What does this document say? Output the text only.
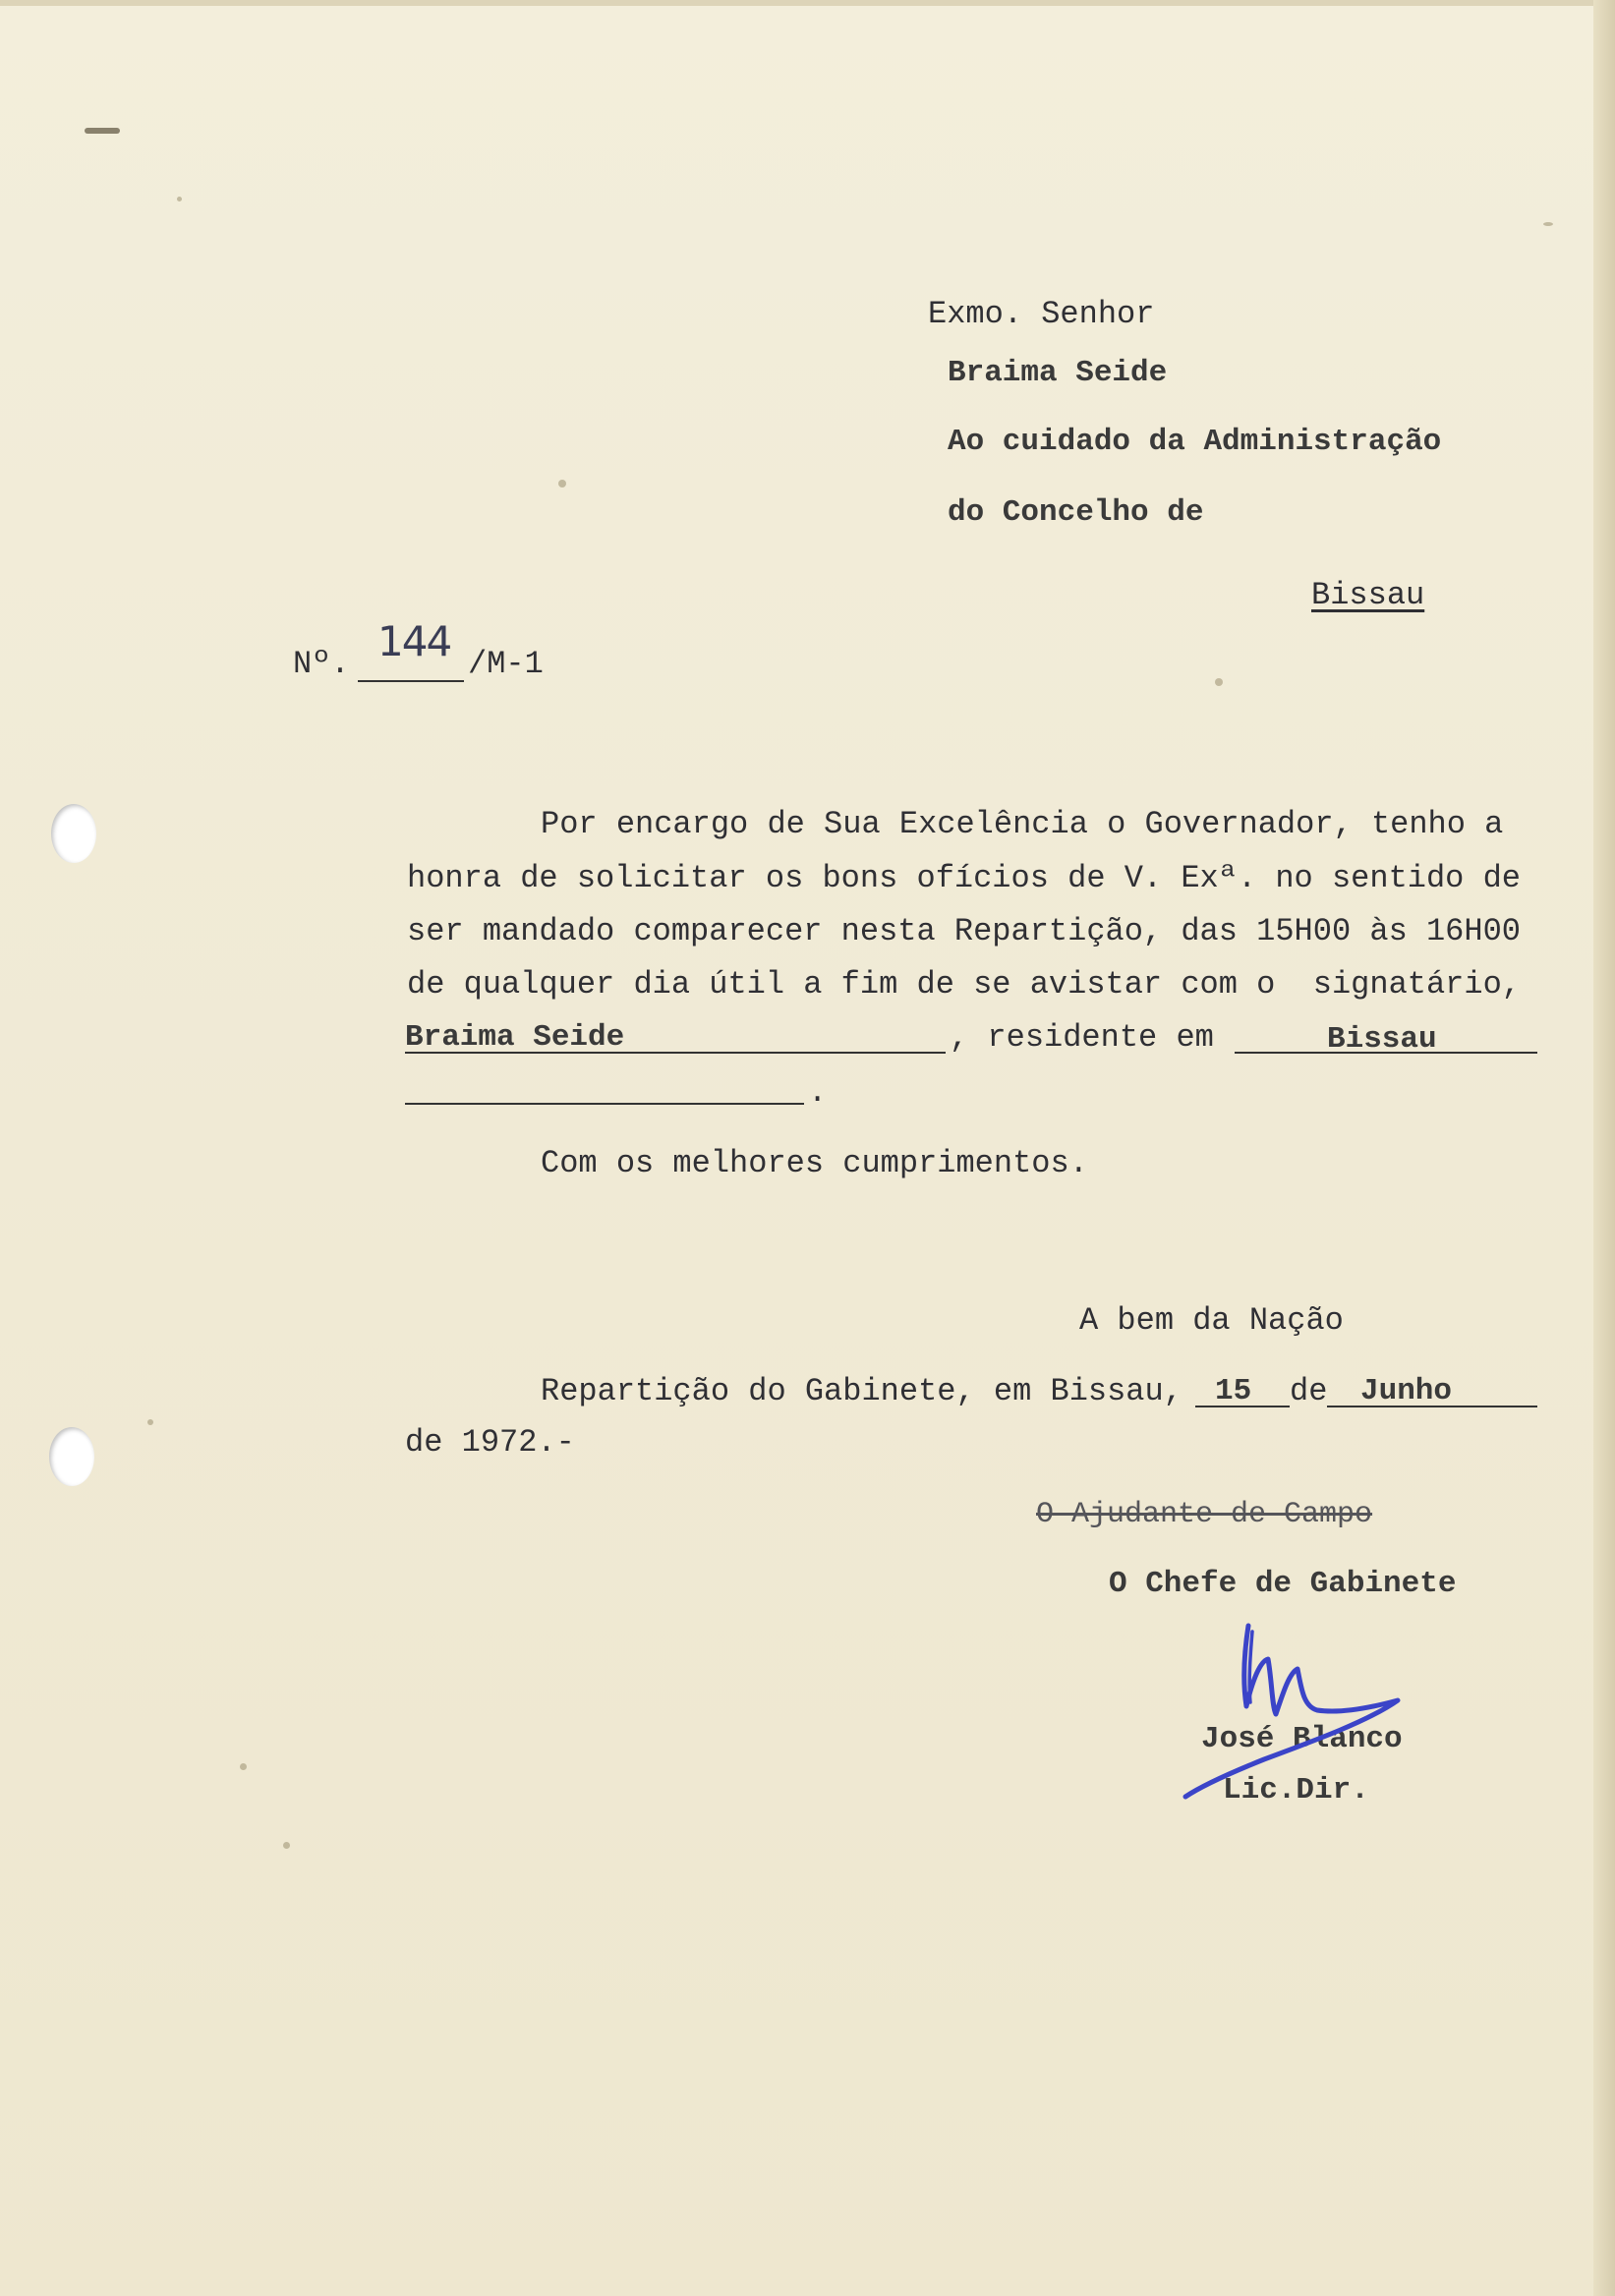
Exmo. Senhor
Braima Seide
Ao cuidado da Administração
do Concelho de
Bissau
Nº. 144 /M-1
Por encargo de Sua Excelência o Governador, tenho a
honra de solicitar os bons ofícios de V. Exª. no sentido de
ser mandado comparecer nesta Repartição, das 15H00 às 16H00
de qualquer dia útil a fim de se avistar com o  signatário,
Braima Seide	, residente em	Bissau
.
Com os melhores cumprimentos.
A bem da Nação
Repartição do Gabinete, em Bissau, 15 de Junho
de 1972.-
O Ajudante de Campo
O Chefe de Gabinete
José Blanco
Lic.Dir.
